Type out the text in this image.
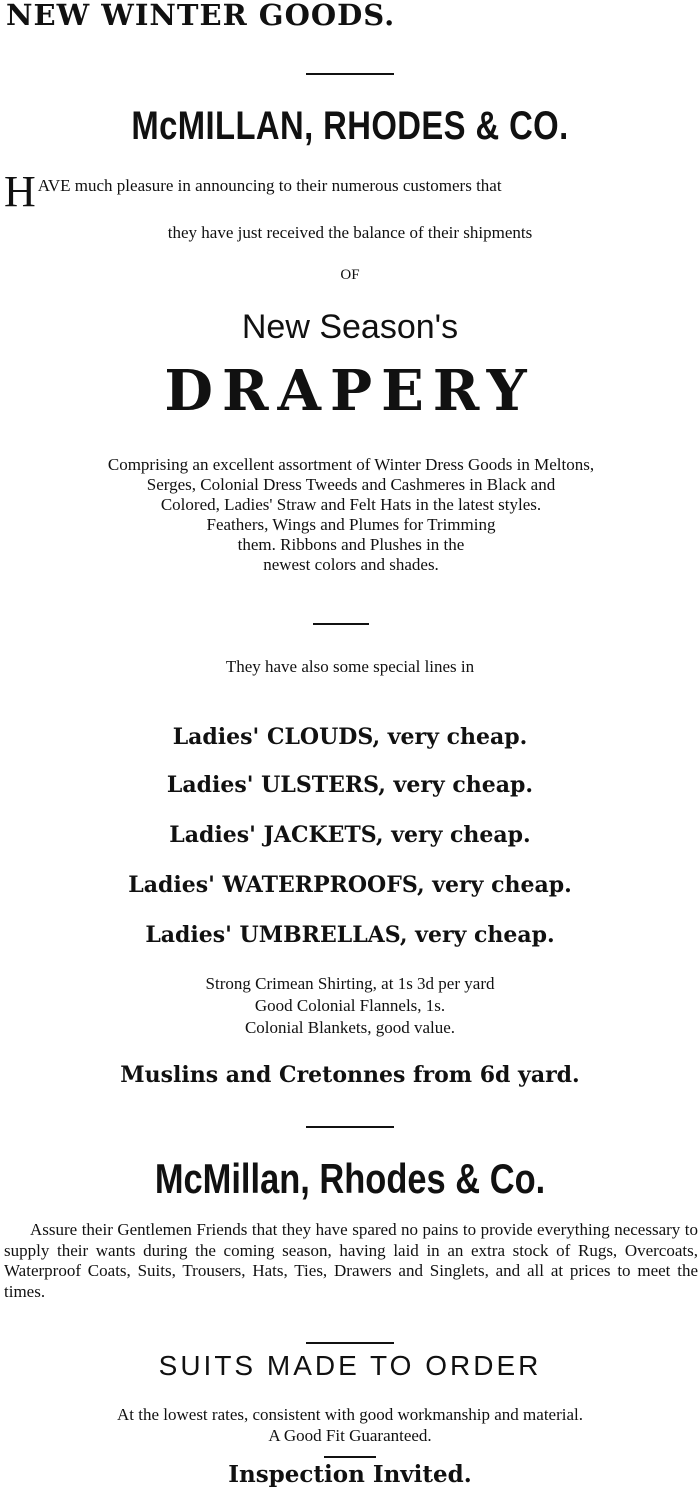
NEW WINTER GOODS.
McMILLAN, RHODES & CO.
HAVE much pleasure in announcing to their numerous customers that
they have just received the balance of their shipments
OF
New Season's
DRAPERY
Comprising an excellent assortment of Winter Dress Goods in Meltons,
Serges, Colonial Dress Tweeds and Cashmeres in Black and
Colored, Ladies' Straw and Felt Hats in the latest styles.
Feathers, Wings and Plumes for Trimming
them. Ribbons and Plushes in the
newest colors and shades.
They have also some special lines in
Ladies' CLOUDS, very cheap.
Ladies' ULSTERS, very cheap.
Ladies' JACKETS, very cheap.
Ladies' WATERPROOFS, very cheap.
Ladies' UMBRELLAS, very cheap.
Strong Crimean Shirting, at 1s 3d per yard
Good Colonial Flannels, 1s.
Colonial Blankets, good value.
Muslins and Cretonnes from 6d yard.
McMillan, Rhodes & Co.
Assure their Gentlemen Friends that they have spared no pains to provide everything necessary to supply their wants during the coming season, having laid in an extra stock of Rugs, Overcoats, Waterproof Coats, Suits, Trousers, Hats, Ties, Drawers and Singlets, and all at prices to meet the times.
SUITS MADE TO ORDER
At the lowest rates, consistent with good workmanship and material.
A Good Fit Guaranteed.
Inspection Invited.
